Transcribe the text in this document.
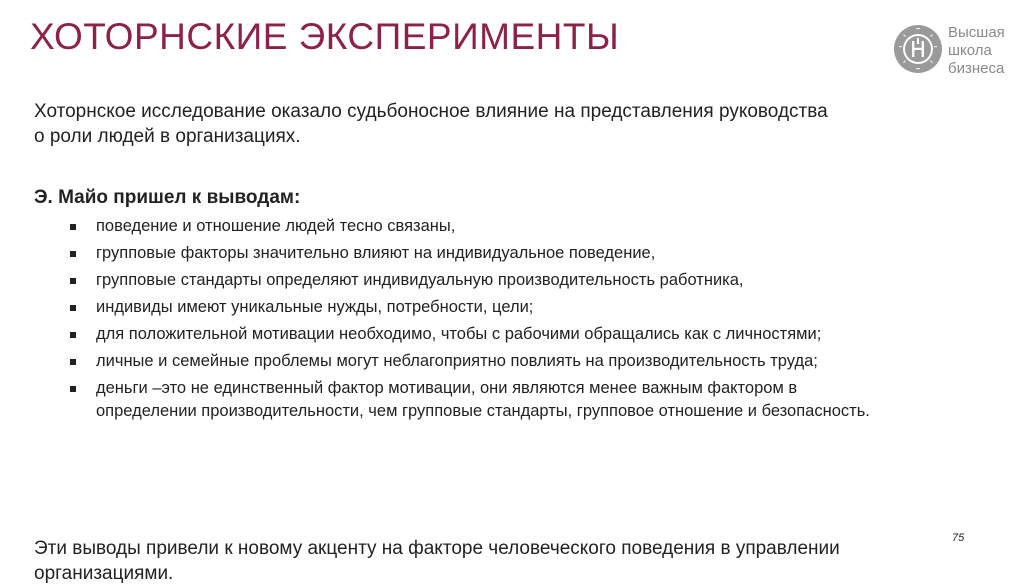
ХОТОРНСКИЕ ЭКСПЕРИМЕНТЫ	Высшая
школа
бизнеса
Хоторнское исследование оказало судьбоносное влияние на представления руководства о роли людей в организациях.
Э. Майо пришел к выводам:
поведение и отношение людей тесно связаны,
групповые факторы значительно влияют на индивидуальное поведение,
групповые стандарты определяют индивидуальную производительность работника,
индивиды имеют уникальные нужды, потребности, цели;
для положительной мотивации необходимо, чтобы с рабочими обращались как с личностями;
личные и семейные проблемы могут неблагоприятно повлиять на производительность труда;
деньги –это не единственный фактор мотивации, они являются менее важным фактором в определении производительности, чем групповые стандарты, групповое отношение и безопасность.
Эти выводы привели к новому акценту на факторе человеческого поведения в управлении организациями.
75
